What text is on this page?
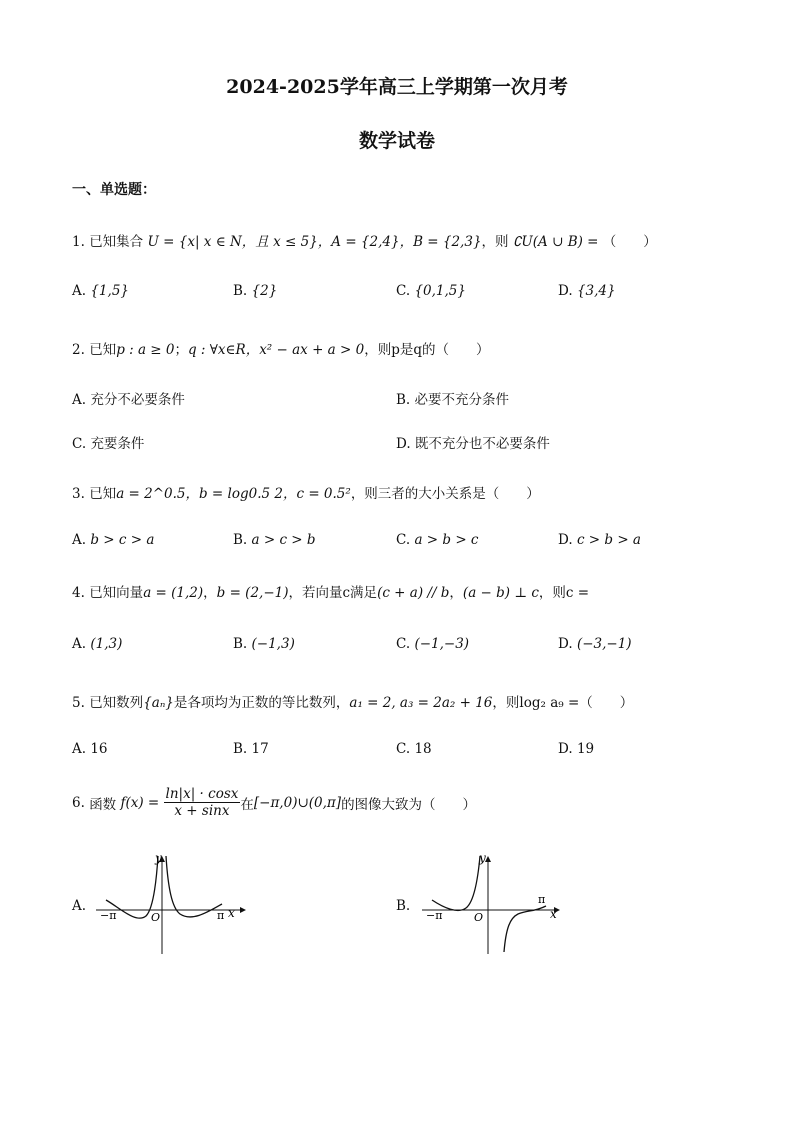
2024-2025学年高三上学期第一次月考
数学试卷
一、单选题：
1. 已知集合 U = {x| x ∈ N，且 x ≤ 5}，A = {2,4}，B = {2,3}，则 ∁U(A ∪ B) = （　　）
A. {1,5}	B. {2}	C. {0,1,5}	D. {3,4}
2. 已知p : a ≥ 0；q : ∀x∈R，x² − ax + a > 0，则p是q的（　　）
A. 充分不必要条件	B. 必要不充分条件
C. 充要条件	D. 既不充分也不必要条件
3. 已知a = 2^0.5，b = log0.5 2，c = 0.5²，则三者的大小关系是（　　）
A. b > c > a	B. a > c > b	C. a > b > c	D. c > b > a
4. 已知向量a = (1,2)，b = (2,−1)，若向量c满足(c + a) // b，(a − b) ⊥ c，则c =
A. (1,3)	B. (−1,3)	C. (−1,−3)	D. (−3,−1)
5. 已知数列{aₙ}是各项均为正数的等比数列，a₁ = 2, a₃ = 2a₂ + 16，则log₂ a₉ =（　　）
A. 16	B. 17	C. 18	D. 19
6. 函数 $f(x) = \frac{\ln|x| \cdot \cos x}{x + \sin x}$ 在[−π,0)∪(0,π]的图像大致为（　　）
A.
y
x
−π	π
O
B.
y
x
−π
π
O
